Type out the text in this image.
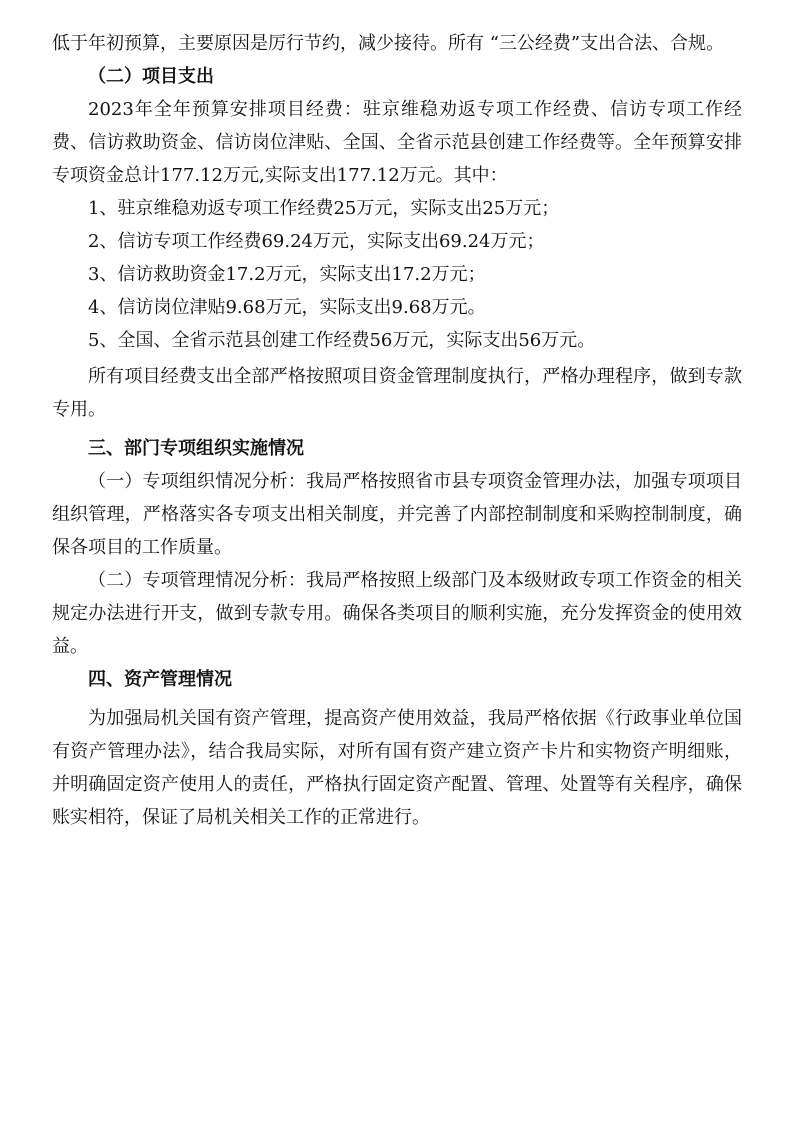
低于年初预算，主要原因是厉行节约，减少接待。所有 “三公经费”支出合法、合规。

（二）项目支出

2023年全年预算安排项目经费：驻京维稳劝返专项工作经费、信访专项工作经费、信访救助资金、信访岗位津贴、全国、全省示范县创建工作经费等。全年预算安排专项资金总计177.12万元,实际支出177.12万元。其中：

1、驻京维稳劝返专项工作经费25万元，实际支出25万元；

2、信访专项工作经费69.24万元，实际支出69.24万元；

3、信访救助资金17.2万元，实际支出17.2万元；

4、信访岗位津贴9.68万元，实际支出9.68万元。

5、全国、全省示范县创建工作经费56万元，实际支出56万元。

所有项目经费支出全部严格按照项目资金管理制度执行，严格办理程序，做到专款专用。

三、部门专项组织实施情况

（一）专项组织情况分析：我局严格按照省市县专项资金管理办法，加强专项项目组织管理，严格落实各专项支出相关制度，并完善了内部控制制度和采购控制制度，确保各项目的工作质量。

（二）专项管理情况分析：我局严格按照上级部门及本级财政专项工作资金的相关规定办法进行开支，做到专款专用。确保各类项目的顺利实施，充分发挥资金的使用效益。

四、资产管理情况

为加强局机关国有资产管理，提高资产使用效益，我局严格依据《行政事业单位国有资产管理办法》，结合我局实际，对所有国有资产建立资产卡片和实物资产明细账，并明确固定资产使用人的责任，严格执行固定资产配置、管理、处置等有关程序，确保账实相符，保证了局机关相关工作的正常进行。
